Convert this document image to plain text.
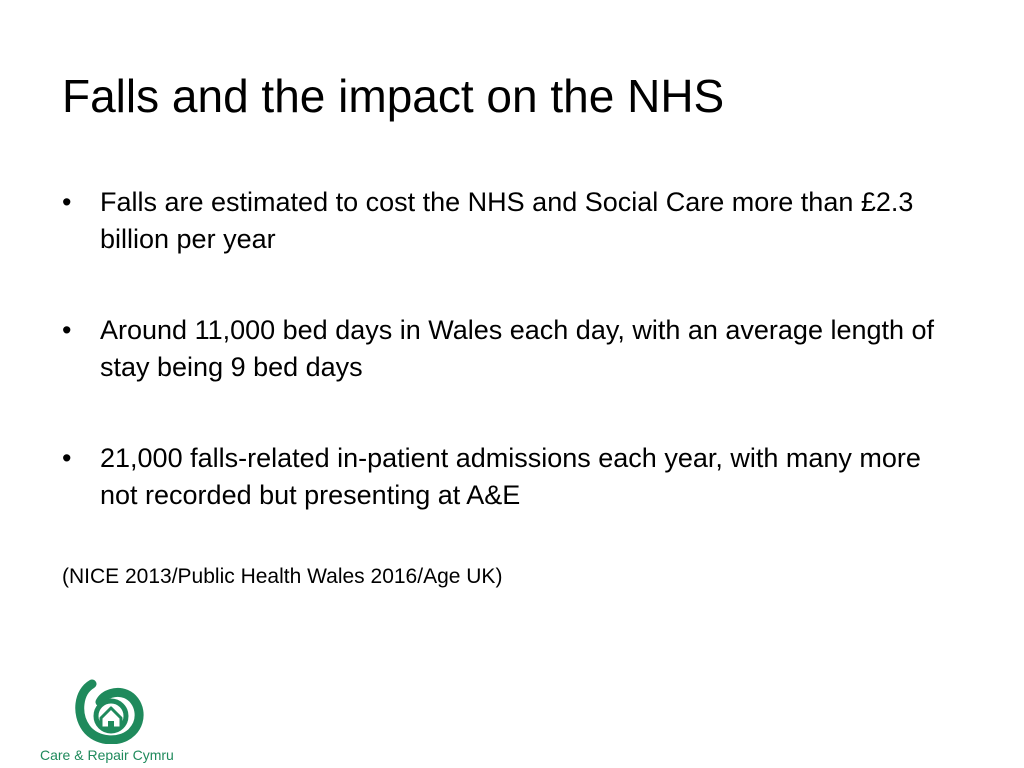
Falls and the impact on the NHS
•	Falls are estimated to cost the NHS and Social Care more than £2.3 billion per year
•	Around 11,000 bed days in Wales each day, with an average length of stay being 9 bed days
•	21,000 falls-related in-patient admissions each year, with many more not recorded but presenting at A&E

(NICE 2013/Public Health Wales 2016/Age UK)

Care & Repair Cymru
